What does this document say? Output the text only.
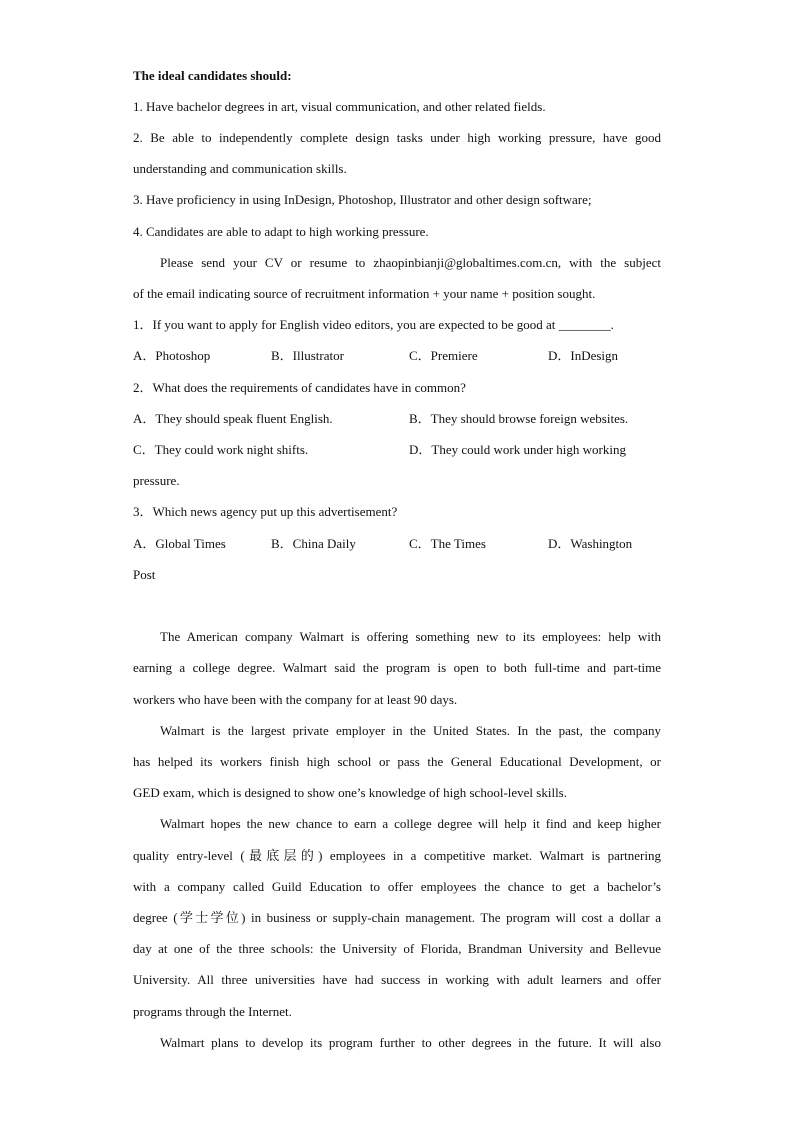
The ideal candidates should:
1. Have bachelor degrees in art, visual communication, and other related fields.
2. Be able to independently complete design tasks under high working pressure, have good
understanding and communication skills.
3. Have proficiency in using InDesign, Photoshop, Illustrator and other design software;
4. Candidates are able to adapt to high working pressure.
Please send your CV or resume to zhaopinbianji@globaltimes.com.cn, with the subject
of the email indicating source of recruitment information + your name + position sought.
1．If you want to apply for English video editors, you are expected to be good at ________.
A．Photoshop	B．Illustrator	C．Premiere	D．InDesign
2．What does the requirements of candidates have in common?
A．They should speak fluent English.	B．They should browse foreign websites.
C．They could work night shifts.	D．They could work under high working
pressure.
3．Which news agency put up this advertisement?
A．Global Times	B．China Daily	C．The Times	D．Washington
Post
The American company Walmart is offering something new to its employees: help with
earning a college degree. Walmart said the program is open to both full-time and part-time
workers who have been with the company for at least 90 days.
Walmart is the largest private employer in the United States. In the past, the company
has helped its workers finish high school or pass the General Educational Development, or
GED exam, which is designed to show one’s knowledge of high school-level skills.
Walmart hopes the new chance to earn a college degree will help it find and keep higher
quality entry-level (最底层的) employees in a competitive market. Walmart is partnering
with a company called Guild Education to offer employees the chance to get a bachelor’s
degree (学士学位) in business or supply-chain management. The program will cost a dollar a
day at one of the three schools: the University of Florida, Brandman University and Bellevue
University. All three universities have had success in working with adult learners and offer
programs through the Internet.
Walmart plans to develop its program further to other degrees in the future. It will also
